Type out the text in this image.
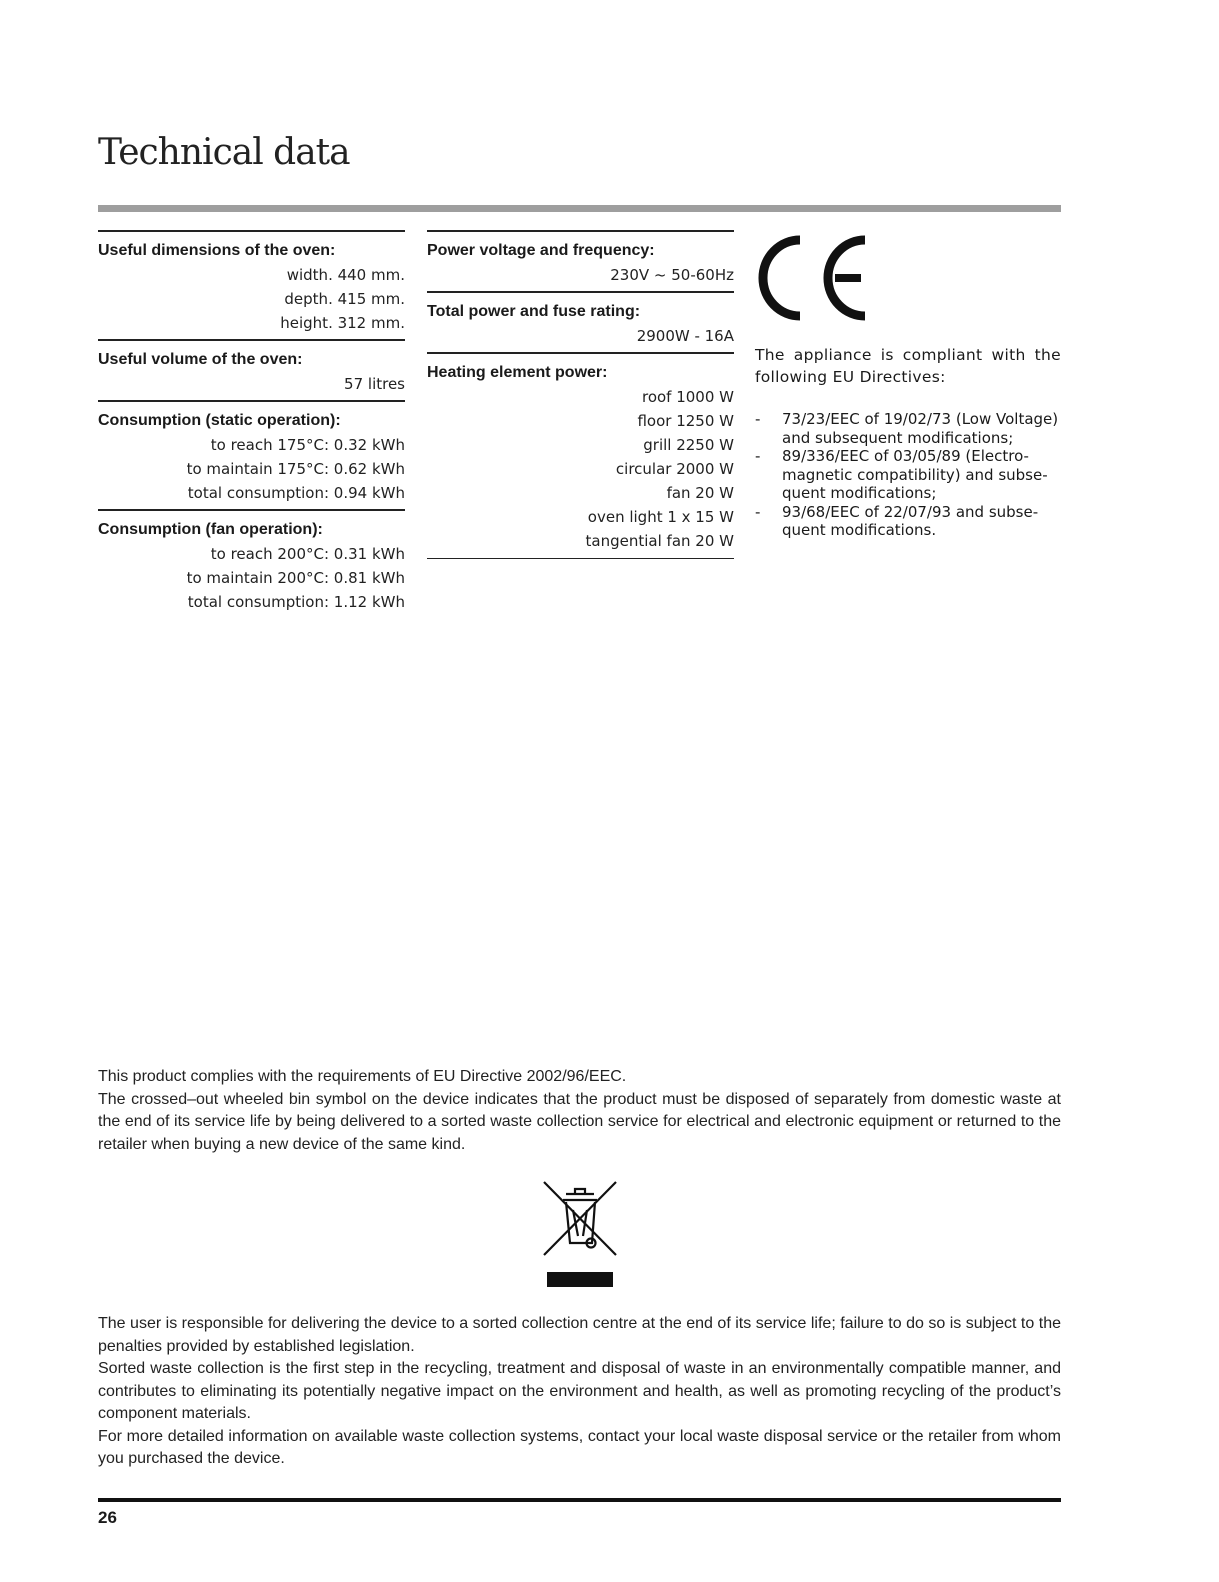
Technical data
Useful dimensions of the oven:
width. 440 mm.
depth. 415 mm.
height. 312 mm.
Useful volume of the oven:
57 litres
Consumption (static operation):
to reach 175°C: 0.32 kWh
to maintain 175°C: 0.62 kWh
total consumption: 0.94 kWh
Consumption (fan operation):
to reach 200°C: 0.31 kWh
to maintain 200°C: 0.81 kWh
total consumption: 1.12 kWh
Power voltage and frequency:
230V ~ 50-60Hz
Total power and fuse rating:
2900W - 16A
Heating element power:
roof 1000 W
floor 1250 W
grill 2250 W
circular 2000 W
fan 20 W
oven light 1 x 15 W
tangential fan 20 W
The appliance is compliant with the following EU Directives:
- 73/23/EEC of 19/02/73 (Low Voltage) and subsequent modifications;
- 89/336/EEC of 03/05/89 (Electro-magnetic compatibility) and subse-quent modifications;
- 93/68/EEC of 22/07/93 and subse-quent modifications.

This product complies with the requirements of EU Directive 2002/96/EEC.

The crossed–out wheeled bin symbol on the device indicates that the product must be disposed of separately from domestic waste at the end of its service life by being delivered to a sorted waste collection service for electrical and electronic equipment or returned to the retailer when buying a new device of the same kind.

The user is responsible for delivering the device to a sorted collection centre at the end of its service life; failure to do so is subject to the penalties provided by established legislation.

Sorted waste collection is the first step in the recycling, treatment and disposal of waste in an environmentally compatible manner, and contributes to eliminating its potentially negative impact on the environment and health, as well as promoting recycling of the product’s component materials.

For more detailed information on available waste collection systems, contact your local waste disposal service or the retailer from whom you purchased the device.

26
